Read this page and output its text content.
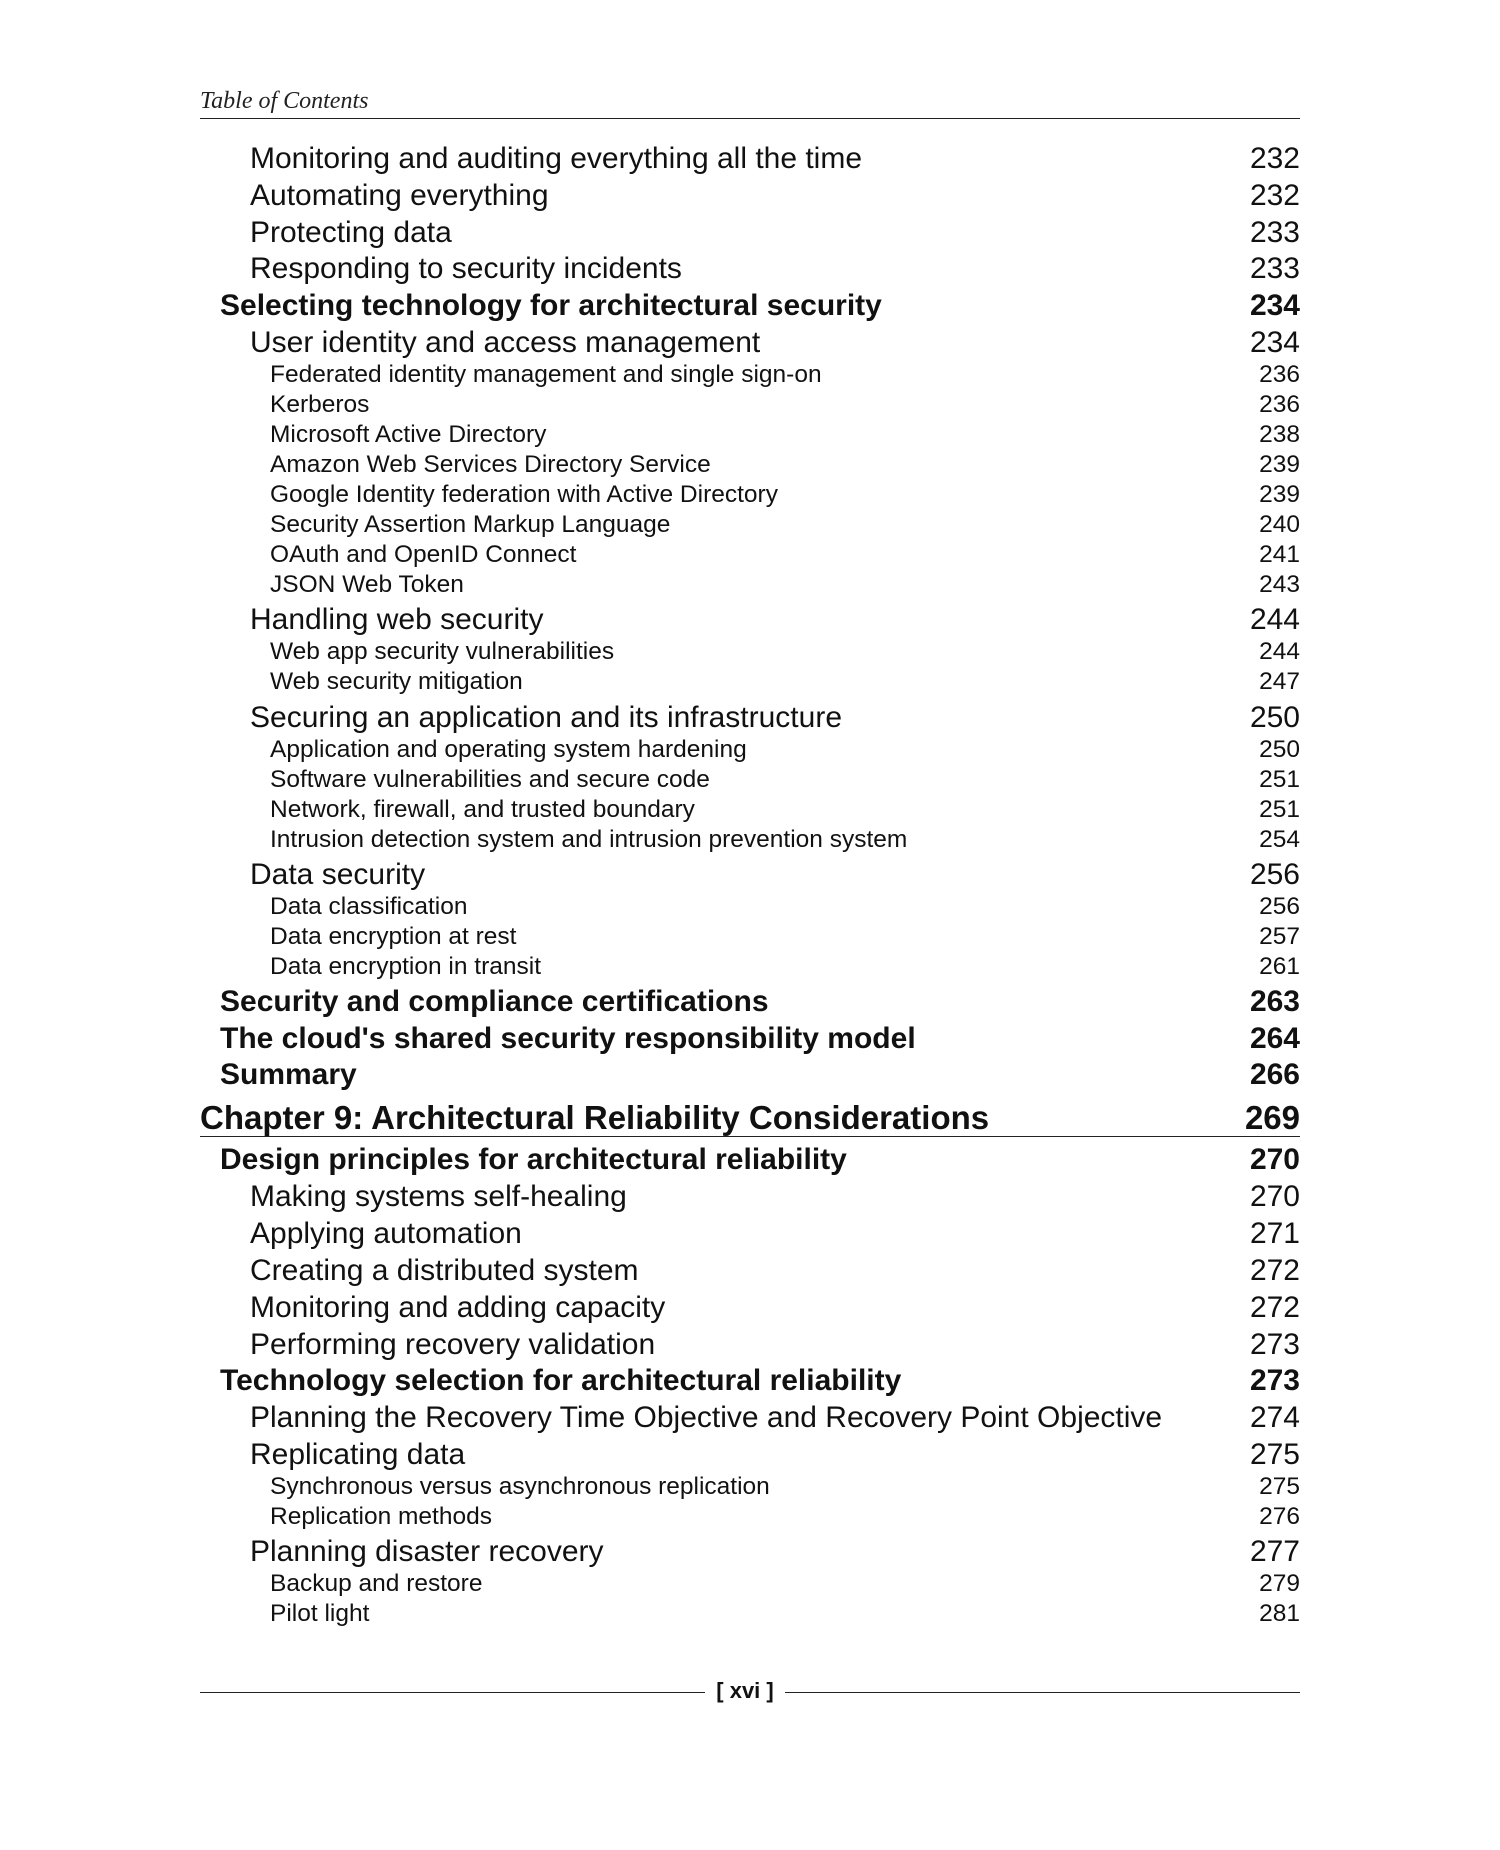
Table of Contents
Monitoring and auditing everything all the time	232
Automating everything	232
Protecting data	233
Responding to security incidents	233
Selecting technology for architectural security	234
User identity and access management	234
Federated identity management and single sign-on	236
Kerberos	236
Microsoft Active Directory	238
Amazon Web Services Directory Service	239
Google Identity federation with Active Directory	239
Security Assertion Markup Language	240
OAuth and OpenID Connect	241
JSON Web Token	243
Handling web security	244
Web app security vulnerabilities	244
Web security mitigation	247
Securing an application and its infrastructure	250
Application and operating system hardening	250
Software vulnerabilities and secure code	251
Network, firewall, and trusted boundary	251
Intrusion detection system and intrusion prevention system	254
Data security	256
Data classification	256
Data encryption at rest	257
Data encryption in transit	261
Security and compliance certifications	263
The cloud's shared security responsibility model	264
Summary	266
Chapter 9: Architectural Reliability Considerations	269
Design principles for architectural reliability	270
Making systems self-healing	270
Applying automation	271
Creating a distributed system	272
Monitoring and adding capacity	272
Performing recovery validation	273
Technology selection for architectural reliability	273
Planning the Recovery Time Objective and Recovery Point Objective	274
Replicating data	275
Synchronous versus asynchronous replication	275
Replication methods	276
Planning disaster recovery	277
Backup and restore	279
Pilot light	281
[ xvi ]
